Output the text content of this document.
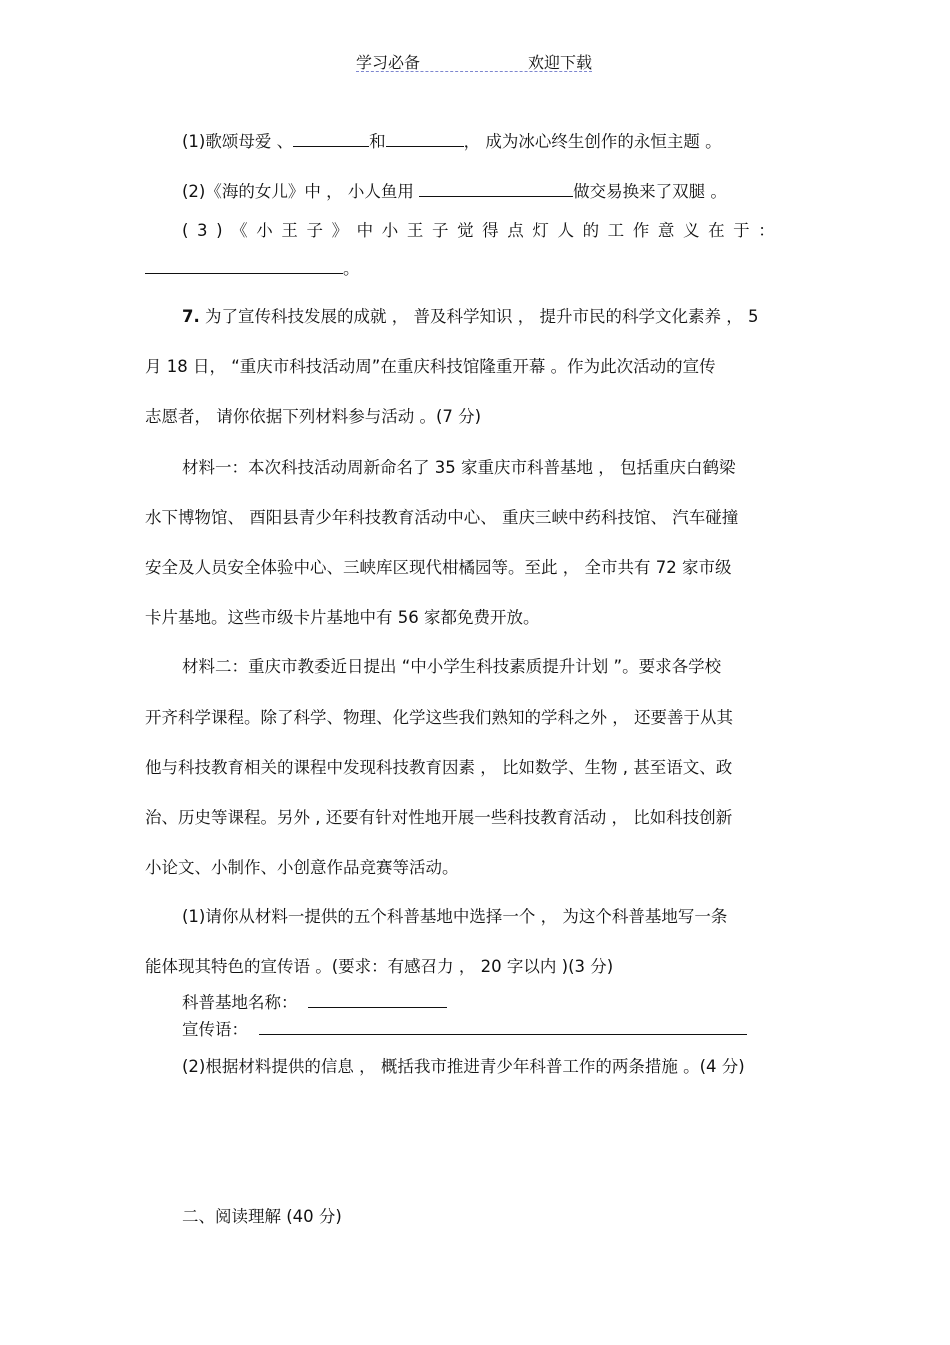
学习必备	欢迎下载
(1)歌颂母爱 、	和	， 成为冰心终生创作的永恒主题 。
(2)《海的女儿》中 ， 小人鱼用	做交易换来了双腿 。
(3)《小王子》中小王子觉得点灯人的工作意义在于：
。
7. 为了宣传科技发展的成就 ， 普及科学知识 ， 提升市民的科学文化素养 ， 5
月 18 日， “重庆市科技活动周”在重庆科技馆隆重开幕 。作为此次活动的宣传
志愿者， 请你依据下列材料参与活动 。(7 分)
材料一：本次科技活动周新命名了 35 家重庆市科普基地 ， 包括重庆白鹤梁
水下博物馆、 酉阳县青少年科技教育活动中心、 重庆三峡中药科技馆、 汽车碰撞
安全及人员安全体验中心、三峡库区现代柑橘园等。至此 ， 全市共有 72 家市级
卡片基地。这些市级卡片基地中有 56 家都免费开放。
材料二：重庆市教委近日提出 “中小学生科技素质提升计划 ”。要求各学校
开齐科学课程。除了科学、物理、化学这些我们熟知的学科之外 ， 还要善于从其
他与科技教育相关的课程中发现科技教育因素 ， 比如数学、生物 , 甚至语文、政
治、历史等课程。另外 , 还要有针对性地开展一些科技教育活动 ， 比如科技创新
小论文、小制作、小创意作品竞赛等活动。
(1)请你从材料一提供的五个科普基地中选择一个 ， 为这个科普基地写一条
能体现其特色的宣传语 。(要求：有感召力 ， 20 字以内 )(3 分)
科普基地名称：
宣传语：
(2)根据材料提供的信息 ， 概括我市推进青少年科普工作的两条措施 。(4 分)
二、阅读理解 (40 分)
